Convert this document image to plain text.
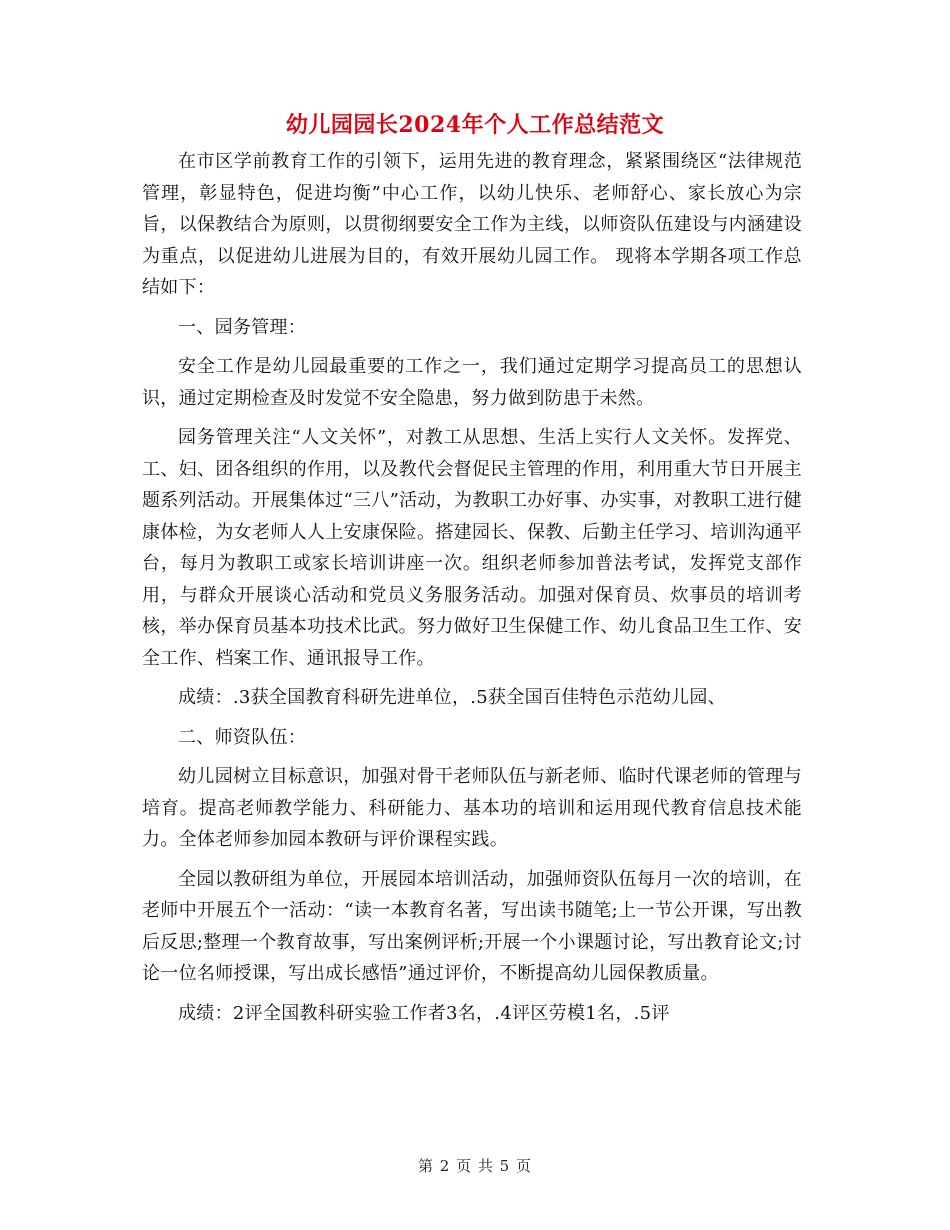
幼儿园园长2024年个人工作总结范文

在市区学前教育工作的引领下，运用先进的教育理念，紧紧围绕区“法律规范管理，彰显特色，促进均衡”中心工作，以幼儿快乐、老师舒心、家长放心为宗旨，以保教结合为原则，以贯彻纲要安全工作为主线，以师资队伍建设与内涵建设为重点，以促进幼儿进展为目的，有效开展幼儿园工作。 现将本学期各项工作总结如下：

一、园务管理：

安全工作是幼儿园最重要的工作之一，我们通过定期学习提高员工的思想认识，通过定期检查及时发觉不安全隐患，努力做到防患于未然。

园务管理关注“人文关怀”，对教工从思想、生活上实行人文关怀。发挥党、工、妇、团各组织的作用，以及教代会督促民主管理的作用，利用重大节日开展主题系列活动。开展集体过“三八”活动，为教职工办好事、办实事，对教职工进行健康体检，为女老师人人上安康保险。搭建园长、保教、后勤主任学习、培训沟通平台，每月为教职工或家长培训讲座一次。组织老师参加普法考试，发挥党支部作用，与群众开展谈心活动和党员义务服务活动。加强对保育员、炊事员的培训考核，举办保育员基本功技术比武。努力做好卫生保健工作、幼儿食品卫生工作、安全工作、档案工作、通讯报导工作。

成绩：.3获全国教育科研先进单位，.5获全国百佳特色示范幼儿园、

二、师资队伍：

幼儿园树立目标意识，加强对骨干老师队伍与新老师、临时代课老师的管理与培育。提高老师教学能力、科研能力、基本功的培训和运用现代教育信息技术能力。全体老师参加园本教研与评价课程实践。

全园以教研组为单位，开展园本培训活动，加强师资队伍每月一次的培训，在老师中开展五个一活动：“读一本教育名著，写出读书随笔;上一节公开课，写出教后反思;整理一个教育故事，写出案例评析;开展一个小课题讨论，写出教育论文;讨论一位名师授课，写出成长感悟”通过评价，不断提高幼儿园保教质量。

成绩：2评全国教科研实验工作者3名，.4评区劳模1名，.5评

第 2 页 共 5 页
